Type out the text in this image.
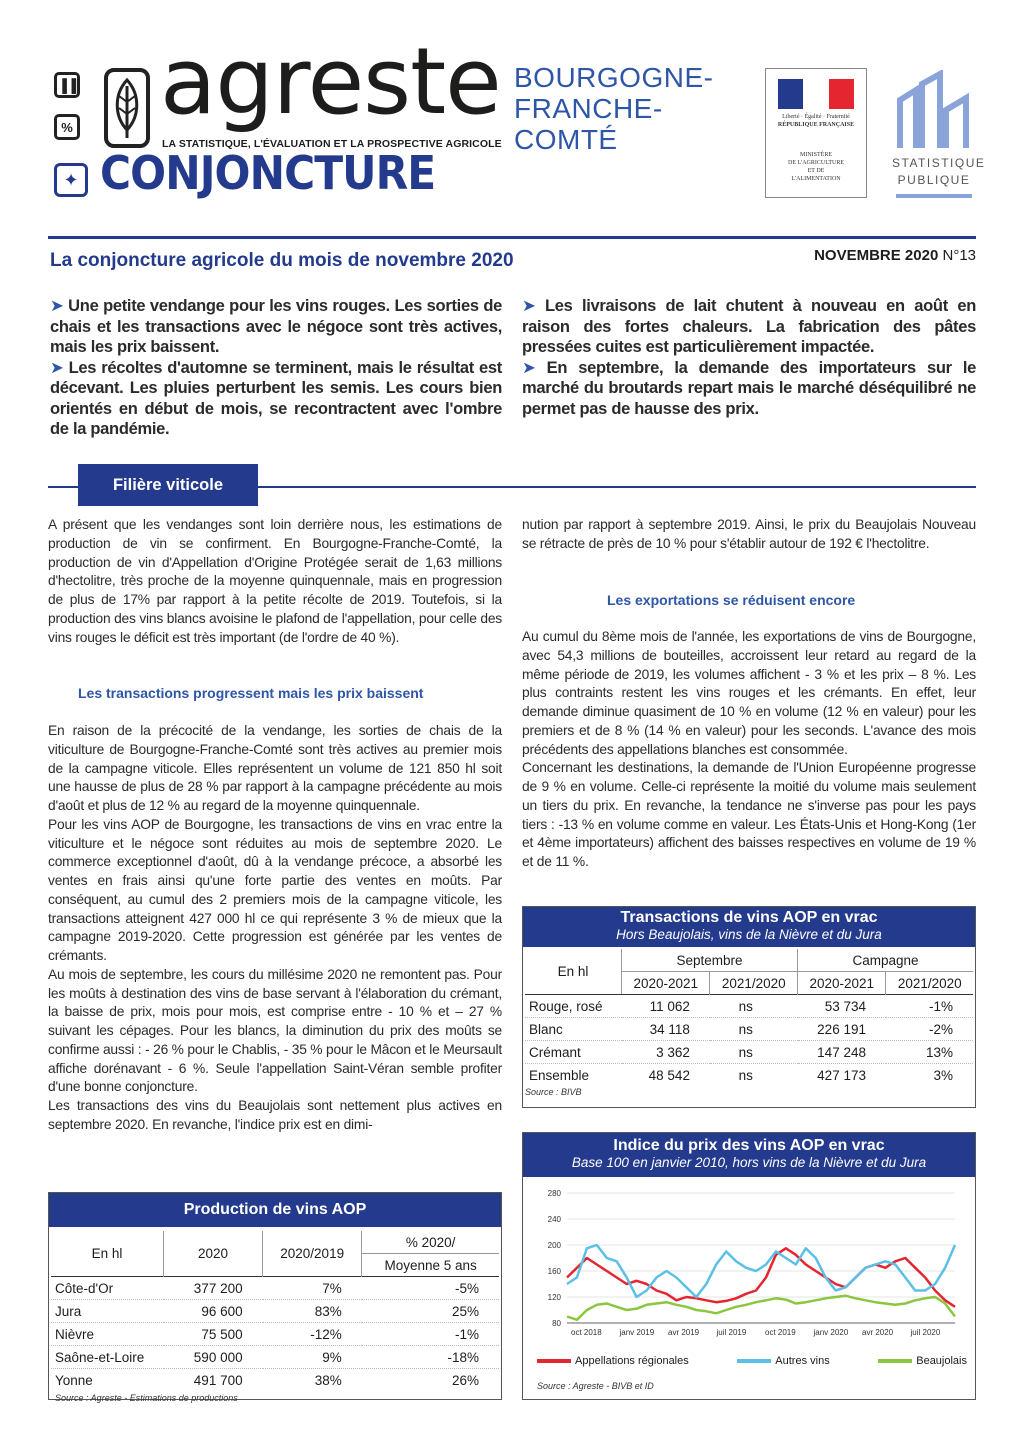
▐▐
% agreste
LA STATISTIQUE, L'ÉVALUATION ET LA PROSPECTIVE AGRICOLE
✦ CONJONCTURE
BOURGOGNE-
FRANCHE-
COMTÉ
Liberté · Égalité · Fraternité
RÉPUBLIQUE FRANÇAISE
MINISTÈRE
DE L'AGRICULTURE
ET DE
L'ALIMENTATION
STATISTIQUE
PUBLIQUE
La conjoncture agricole du mois de novembre 2020	NOVEMBRE 2020 N°13

➤ Une petite vendange pour les vins rouges. Les sorties de chais et les transactions avec le négoce sont très actives, mais les prix baissent.

➤ Les récoltes d'automne se terminent, mais le résultat est décevant. Les pluies perturbent les semis. Les cours bien orientés en début de mois, se recontractent avec l'ombre de la pandémie.

➤ Les livraisons de lait chutent à nouveau en août en raison des fortes chaleurs. La fabrication des pâtes pressées cuites est particulièrement impactée.

➤ En septembre, la demande des importateurs sur le marché du broutards repart mais le marché déséquilibré ne permet pas de hausse des prix.

Filière viticole

A présent que les vendanges sont loin derrière nous, les estimations de production de vin se confirment. En Bourgogne-Franche-Comté, la production de vin d'Appellation d'Origine Protégée serait de 1,63 millions d'hectolitre, très proche de la moyenne quinquennale, mais en progression de plus de 17% par rapport à la petite récolte de 2019. Toutefois, si la production des vins blancs avoisine le plafond de l'appellation, pour celle des vins rouges le déficit est très important (de l'ordre de 40 %).

Les transactions progressent mais les prix baissent

En raison de la précocité de la vendange, les sorties de chais de la viticulture de Bourgogne-Franche-Comté sont très actives au premier mois de la campagne viticole. Elles représentent un volume de 121 850 hl soit une hausse de plus de 28 % par rapport à la campagne précédente au mois d'août et plus de 12 % au regard de la moyenne quinquennale.

Pour les vins AOP de Bourgogne, les transactions de vins en vrac entre la viticulture et le négoce sont réduites au mois de septembre 2020. Le commerce exceptionnel d'août, dû à la vendange précoce, a absorbé les ventes en frais ainsi qu'une forte partie des ventes en moûts. Par conséquent, au cumul des 2 premiers mois de la campagne viticole, les transactions atteignent 427 000 hl ce qui représente 3 % de mieux que la campagne 2019-2020. Cette progression est générée par les ventes de crémants.

Au mois de septembre, les cours du millésime 2020 ne remontent pas. Pour les moûts à destination des vins de base servant à l'élaboration du crémant, la baisse de prix, mois pour mois, est comprise entre - 10 % et – 27 % suivant les cépages. Pour les blancs, la diminution du prix des moûts se confirme aussi : - 26 % pour le Chablis, - 35 % pour le Mâcon et le Meursault affiche dorénavant - 6 %. Seule l'appellation Saint-Véran semble profiter d'une bonne conjoncture.

Les transactions des vins du Beaujolais sont nettement plus actives en septembre 2020. En revanche, l'indice prix est en dimi-

nution par rapport à septembre 2019. Ainsi, le prix du Beaujolais Nouveau se rétracte de près de 10 % pour s'établir autour de 192 € l'hectolitre.

Les exportations se réduisent encore

Au cumul du 8ème mois de l'année, les exportations de vins de Bourgogne, avec 54,3 millions de bouteilles, accroissent leur retard au regard de la même période de 2019, les volumes affichent - 3 % et les prix – 8 %. Les plus contraints restent les vins rouges et les crémants. En effet, leur demande diminue quasiment de 10 % en volume (12 % en valeur) pour les premiers et de 8 % (14 % en valeur) pour les seconds. L'avance des mois précédents des appellations blanches est consommée.

Concernant les destinations, la demande de l'Union Européenne progresse de 9 % en volume. Celle-ci représente la moitié du volume mais seulement un tiers du prix. En revanche, la tendance ne s'inverse pas pour les pays tiers : -13 % en volume comme en valeur. Les États-Unis et Hong-Kong (1er et 4ème importateurs) affichent des baisses respectives en volume de 19 % et de 11 %.

Production de vins AOP
En hl	2020	2020/2019	% 2020/
			Moyenne 5 ans
Côte-d'Or	377 200	7%	-5%
Jura	96 600	83%	25%
Nièvre	75 500	-12%	-1%
Saône-et-Loire	590 000	9%	-18%
Yonne	491 700	38%	26%
Source : Agreste - Estimations de productions
Transactions de vins AOP en vrac
Hors Beaujolais, vins de la Nièvre et du Jura
En hl	Septembre		Campagne	
	2020-2021	2021/2020	2020-2021	2021/2020
Rouge, rosé	11 062	ns	53 734	-1%
Blanc	34 118	ns	226 191	-2%
Crémant	3 362	ns	147 248	13%
Ensemble	48 542	ns	427 173	3%
Source : BIVB
Indice du prix des vins AOP en vrac
Base 100 en janvier 2010, hors vins de la Nièvre et du Jura
280
240
200
160
120
80
oct 2018 janv 2019 avr 2019 juil 2019 oct 2019 janv 2020 avr 2020 juil 2020
Appellations régionales	Autres vins	Beaujolais
Source : Agreste - BIVB et ID
